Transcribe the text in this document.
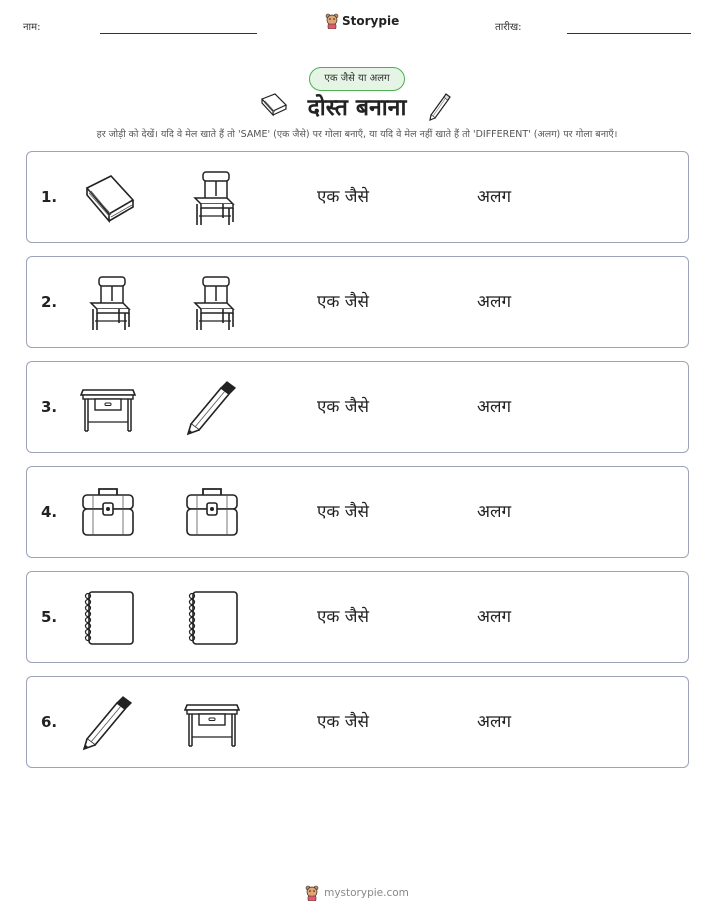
नाम:	Storypie	तारीख:
एक जैसे या अलग
दोस्त बनाना
हर जोड़ी को देखें। यदि वे मेल खाते हैं तो 'SAME' (एक जैसे) पर गोला बनाएँ, या यदि वे मेल नहीं खाते हैं तो 'DIFFERENT' (अलग) पर गोला बनाएँ।
1.	एक जैसे	अलग
2.	एक जैसे	अलग
3.	एक जैसे	अलग
4.	एक जैसे	अलग
5.	एक जैसे	अलग
6.	एक जैसे	अलग
mystorypie.com
